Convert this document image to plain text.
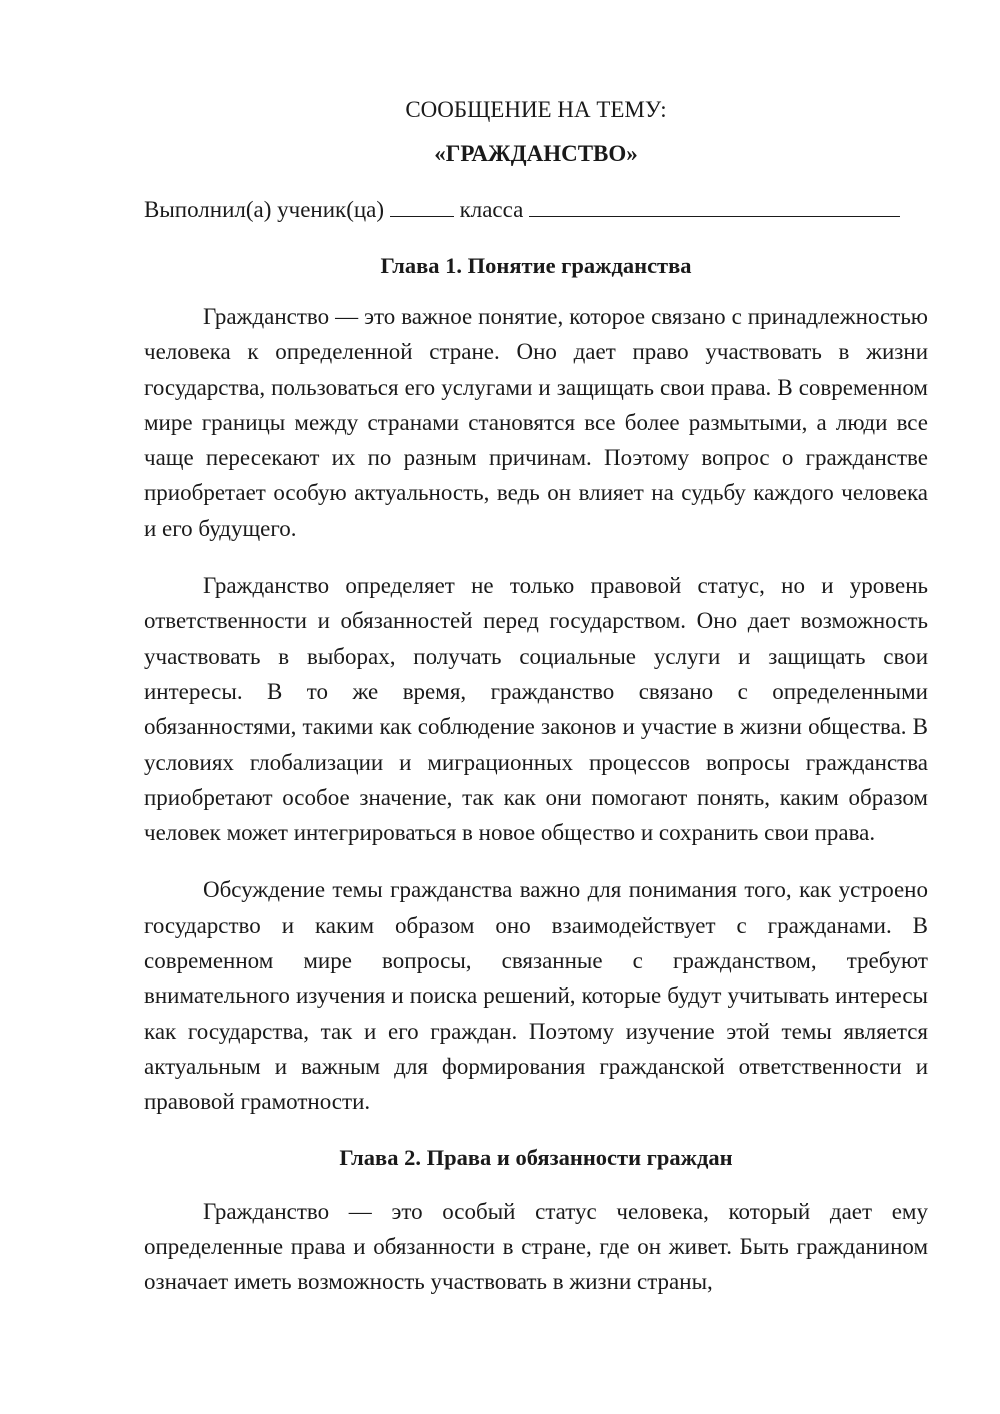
СООБЩЕНИЕ НА ТЕМУ:

«ГРАЖДАНСТВО»

Выполнил(а) ученик(ца)	класса

Глава 1. Понятие гражданства

Гражданство — это важное понятие, которое связано с принадлежностью человека к определенной стране. Оно дает право участвовать в жизни государства, пользоваться его услугами и защищать свои права. В современном мире границы между странами становятся все более размытыми, а люди все чаще пересекают их по разным причинам. Поэтому вопрос о гражданстве приобретает особую актуальность, ведь он влияет на судьбу каждого человека и его будущего.

Гражданство определяет не только правовой статус, но и уровень ответственности и обязанностей перед государством. Оно дает возможность участвовать в выборах, получать социальные услуги и защищать свои интересы. В то же время, гражданство связано с определенными обязанностями, такими как соблюдение законов и участие в жизни общества. В условиях глобализации и миграционных процессов вопросы гражданства приобретают особое значение, так как они помогают понять, каким образом человек может интегрироваться в новое общество и сохранить свои права.

Обсуждение темы гражданства важно для понимания того, как устроено государство и каким образом оно взаимодействует с гражданами. В современном мире вопросы, связанные с гражданством, требуют внимательного изучения и поиска решений, которые будут учитывать интересы как государства, так и его граждан. Поэтому изучение этой темы является актуальным и важным для формирования гражданской ответственности и правовой грамотности.

Глава 2. Права и обязанности граждан

Гражданство — это особый статус человека, который дает ему определенные права и обязанности в стране, где он живет. Быть гражданином означает иметь возможность участвовать в жизни страны,
